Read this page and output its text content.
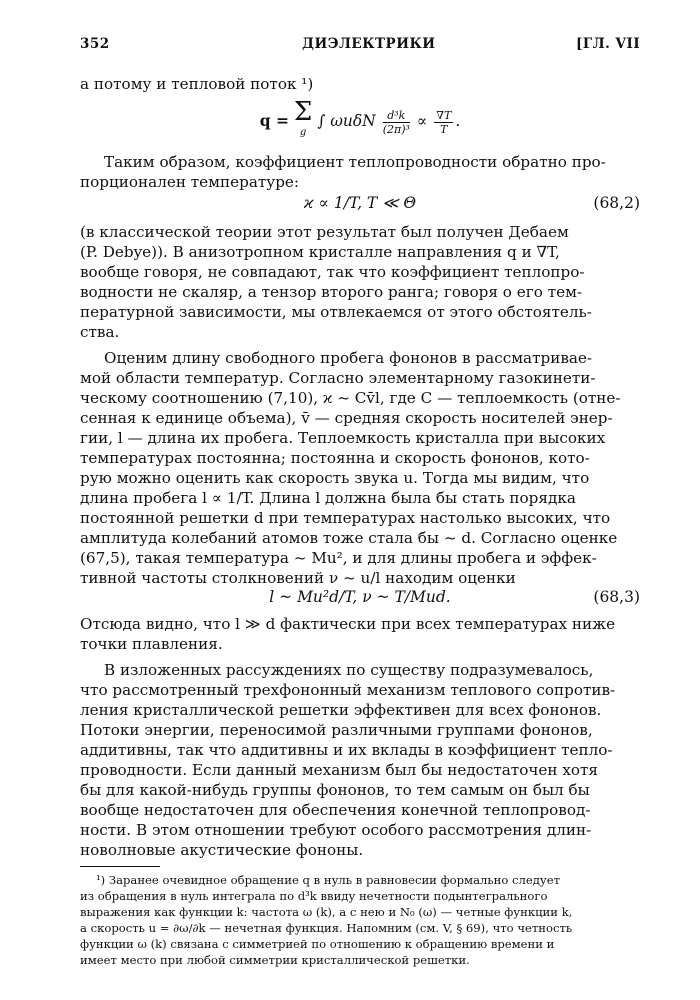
352	ДИЭЛЕКТРИКИ	[ГЛ. VII
а потому и тепловой поток ¹)
q = Σ
$_g$ ∫ ωuδN $\frac{\text{d³k}}{\text{(2π)³}} \propto \frac{\nabla T}{T}$ .
Таким образом, коэффициент теплопроводности обратно про-
порционален температуре:
ϰ ∝ 1/T, T ≪ Θ	(68,2)
(в классической теории этот результат был получен Дебаем
(P. Debye)). В анизотропном кристалле направления q и ∇T,
вообще говоря, не совпадают, так что коэффициент теплопро-
водности не скаляр, а тензор второго ранга; говоря о его тем-
пературной зависимости, мы отвлекаемся от этого обстоятель-
ства.
Оценим длину свободного пробега фононов в рассматривае-
мой области температур. Согласно элементарному газокинети-
ческому соотношению (7,10), ϰ ~ Cv̄l, где C — теплоемкость (отне-
сенная к единице объема), v̄ — средняя скорость носителей энер-
гии, l — длина их пробега. Теплоемкость кристалла при высоких
температурах постоянна; постоянна и скорость фононов, кото-
рую можно оценить как скорость звука u. Тогда мы видим, что
длина пробега l ∝ 1/T. Длина l должна была бы стать порядка
постоянной решетки d при температурах настолько высоких, что
амплитуда колебаний атомов тоже стала бы ~ d. Согласно оценке
(67,5), такая температура ~ Mu², и для длины пробега и эффек-
тивной частоты столкновений ν ~ u/l находим оценки
l ~ Mu²d/T, ν ~ T/Mud.	(68,3)
Отсюда видно, что l ≫ d фактически при всех температурах ниже
точки плавления.
В изложенных рассуждениях по существу подразумевалось,
что рассмотренный трехфононный механизм теплового сопротив-
ления кристаллической решетки эффективен для всех фононов.
Потоки энергии, переносимой различными группами фононов,
аддитивны, так что аддитивны и их вклады в коэффициент тепло-
проводности. Если данный механизм был бы недостаточен хотя
бы для какой-нибудь группы фононов, то тем самым он был бы
вообще недостаточен для обеспечения конечной теплопровод-
ности. В этом отношении требуют особого рассмотрения длин-
новолновые акустические фононы.
¹) Заранее очевидное обращение q в нуль в равновесии формально следует
из обращения в нуль интеграла по d³k ввиду нечетности подынтегрального
выражения как функции k: частота ω (k), а с нею и N₀ (ω) — четные функции k,
а скорость u = ∂ω/∂k — нечетная функция. Напомним (см. V, § 69), что четность
функции ω (k) связана с симметрией по отношению к обращению времени и
имеет место при любой симметрии кристаллической решетки.
